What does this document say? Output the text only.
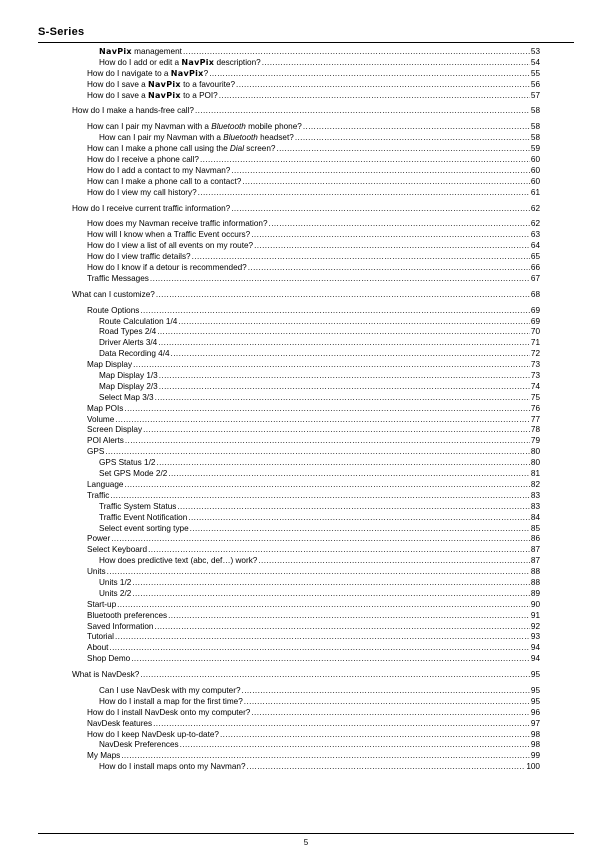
S-Series
NavPix management .....	53
How do I add or edit a NavPix description? .....	54
How do I navigate to a NavPix? .....	55
How do I save a NavPix to a favourite? .....	56
How do I save a NavPix to a POI? .....	57
How do I make a hands-free call? .....	58
How can I pair my Navman with a Bluetooth mobile phone? .....	58
How can I pair my Navman with a Bluetooth headset? .....	58
How can I make a phone call using the Dial screen? .....	59
How do I receive a phone call? .....	60
How do I add a contact to my Navman? .....	60
How can I make a phone call to a contact? .....	60
How do I view my call history? .....	61
How do I receive current traffic information? .....	62
How does my Navman receive traffic information? .....	62
How will I know when a Traffic Event occurs? .....	63
How do I view a list of all events on my route? .....	64
How do I view traffic details? .....	65
How do I know if a detour is recommended? .....	66
Traffic Messages .....	67
What can I customize? .....	68
Route Options .....	69
Route Calculation 1/4 .....	69
Road Types 2/4 .....	70
Driver Alerts 3/4 .....	71
Data Recording 4/4 .....	72
Map Display .....	73
Map Display 1/3 .....	73
Map Display 2/3 .....	74
Select Map 3/3 .....	75
Map POIs .....	76
Volume .....	77
Screen Display .....	78
POI Alerts .....	79
GPS .....	80
GPS Status 1/2 .....	80
Set GPS Mode 2/2 .....	81
Language .....	82
Traffic .....	83
Traffic System Status .....	83
Traffic Event Notification .....	84
Select event sorting type .....	85
Power .....	86
Select Keyboard .....	87
How does predictive text (abc, def…) work? .....	87
Units .....	88
Units 1/2 .....	88
Units 2/2 .....	89
Start-up .....	90
Bluetooth preferences .....	91
Saved Information .....	92
Tutorial .....	93
About .....	94
Shop Demo .....	94
What is NavDesk? .....	95
Can I use NavDesk with my computer? .....	95
How do I install a map for the first time? .....	95
How do I install NavDesk onto my computer? .....	96
NavDesk features .....	97
How do I keep NavDesk up-to-date? .....	98
NavDesk Preferences .....	98
My Maps .....	99
How do I install maps onto my Navman? .....	100
5
